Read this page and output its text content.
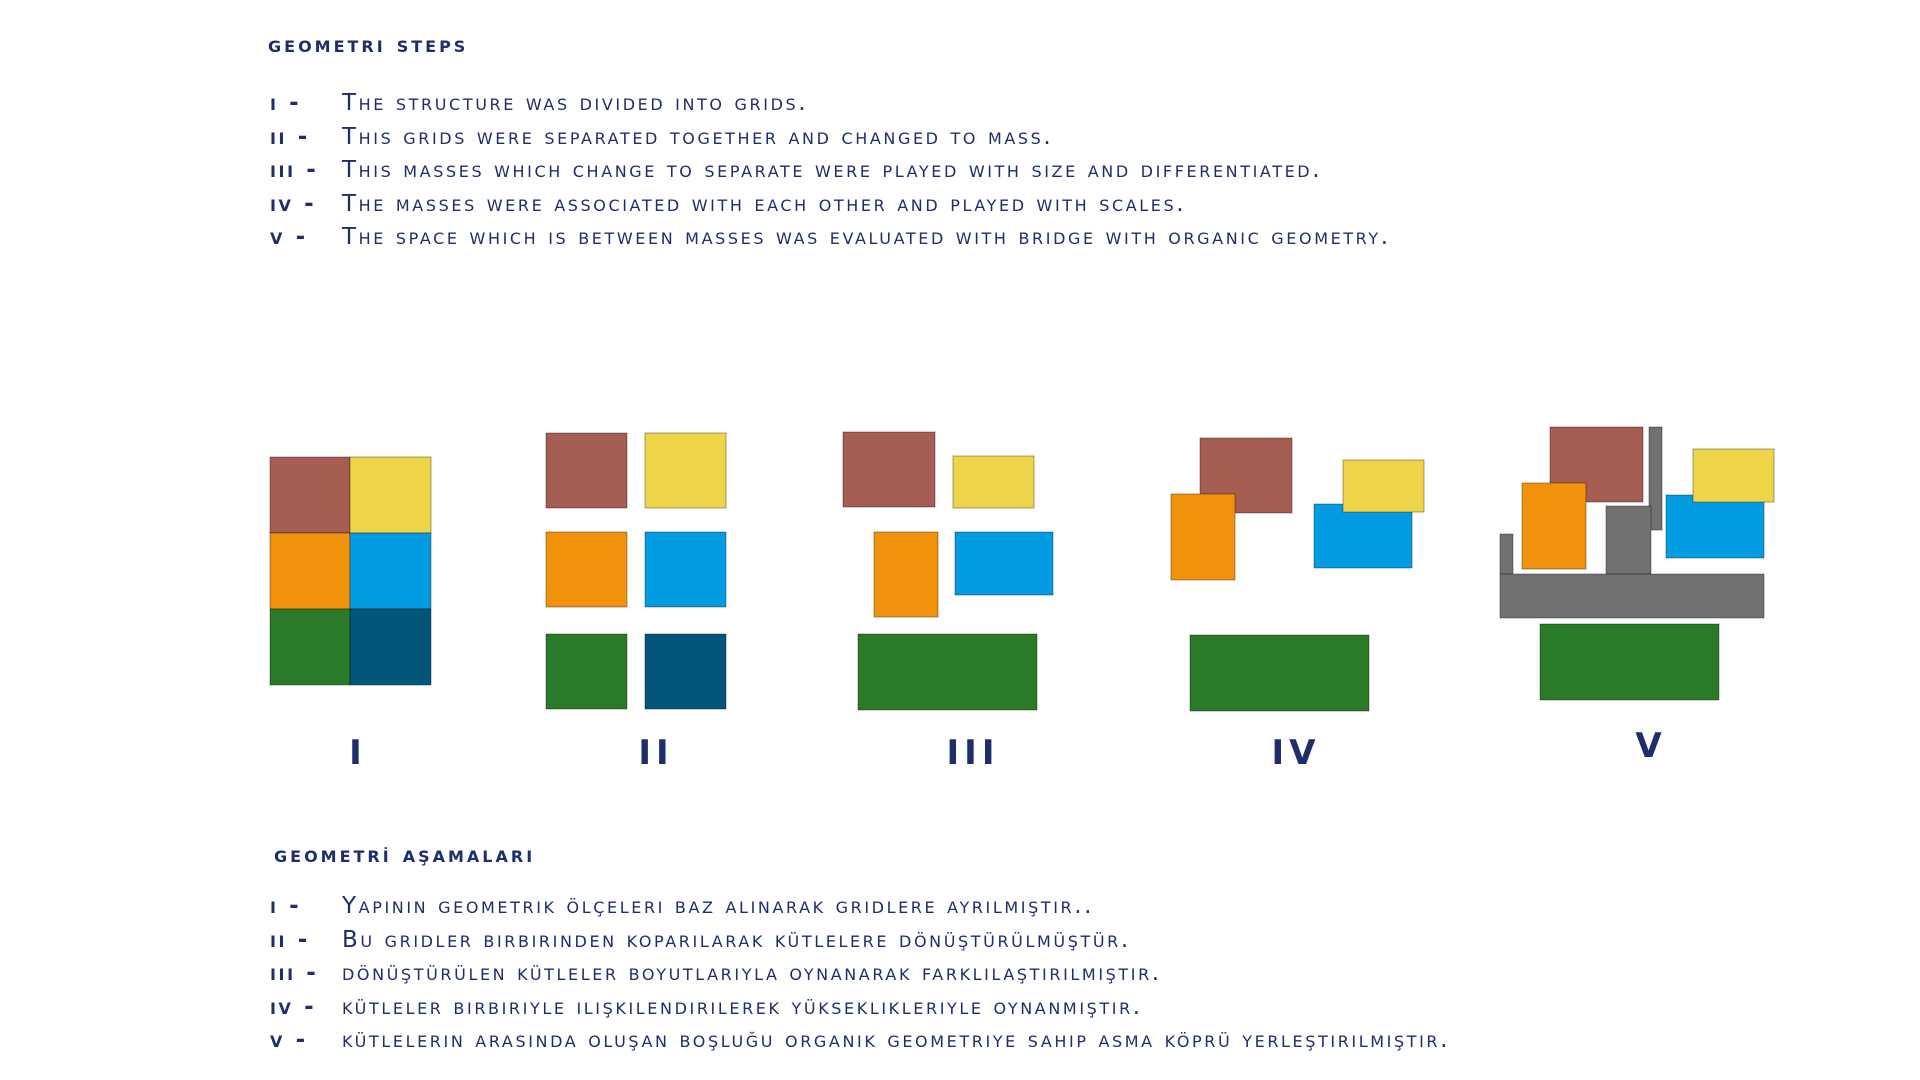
geometri steps
i -	The structure was divided into grids.
ii -	This grids were separated together and changed to mass.
iii -	This masses which change to separate were played with size and differentiated.
iv -	The masses were associated with each other and played with scales.
v -	The space which is between masses was evaluated with bridge with organic geometry.
I	II	III	IV	V
geometri̇ aşamalari
i -	Yapının geometrik ölçeleri baz alınarak gridlere ayrılmıştır..
ii -	Bu gridler birbirinden koparılarak kütlelere dönüştürülmüştür.
iii -	dönüştürülen kütleler boyutlarıyla oynanarak farklılaştırılmıştır.
iv -	kütleler birbiriyle ilişkilendirilerek yükseklikleriyle oynanmıştır.
v -	kütlelerin arasında oluşan boşluğu organik geometriye sahip asma köprü yerleştirilmiştir.
